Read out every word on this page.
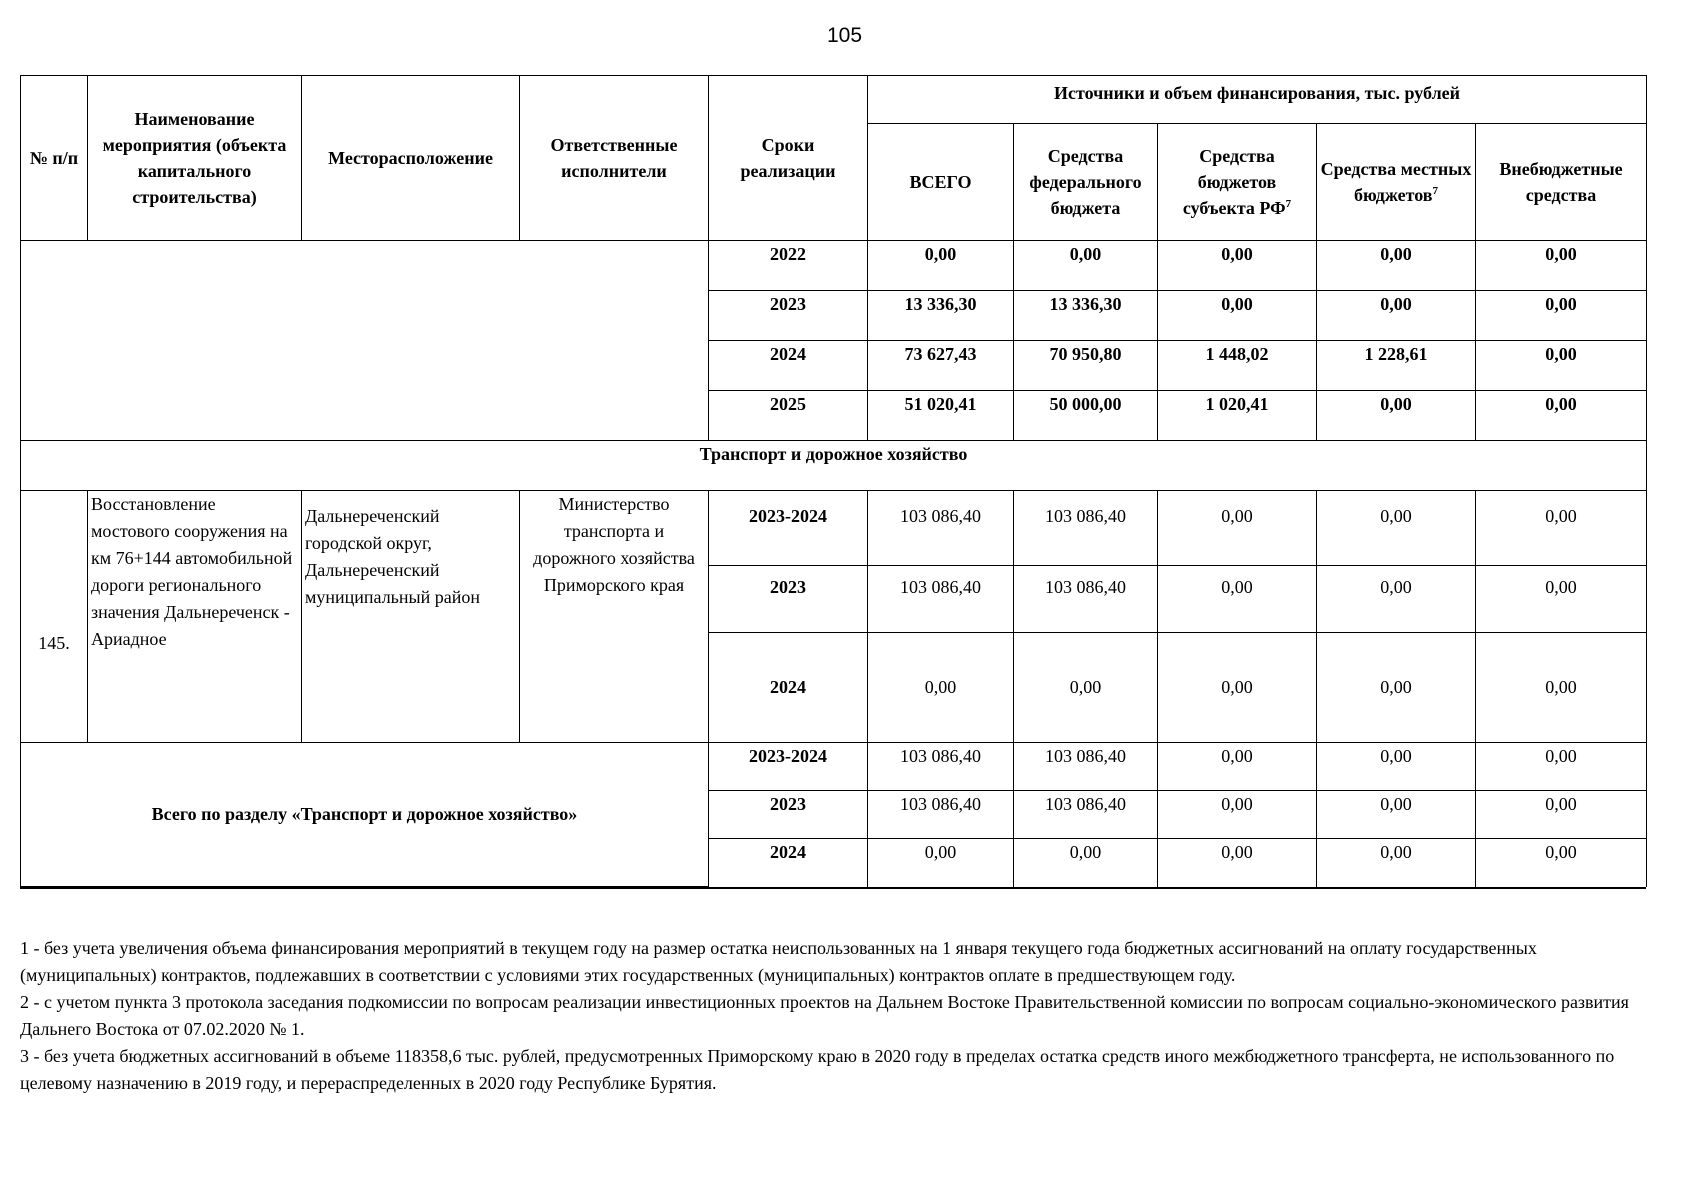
105
№ п/п	Наименование мероприятия (объекта капитального строительства)	Месторасположение	Ответственные исполнители	Сроки реализации	Источники и объем финансирования, тыс. рублей				
					ВСЕГО	Средства федерального бюджета	Средства бюджетов субъекта $РФ^7$	Средства местных бюджетов$^7$	Внебюджетные средства
				2022	0,00	0,00	0,00	0,00	0,00
				2023	13 336,30	13 336,30	0,00	0,00	0,00
				2024	73 627,43	70 950,80	1 448,02	1 228,61	0,00
				2025	51 020,41	50 000,00	1 020,41	0,00	0,00
Транспорт и дорожное хозяйство									
145.	Восстановление мостового сооружения на км 76+144 автомобильной дороги регионального значения Дальнереченск - Ариадное	Дальнереченский городской округ, Дальнереченский муниципальный район	Министерство транспорта и дорожного хозяйства Приморского края	2023-2024	103 086,40	103 086,40	0,00	0,00	0,00
				2023	103 086,40	103 086,40	0,00	0,00	0,00
				2024	0,00	0,00	0,00	0,00	0,00
Всего по разделу «Транспорт и дорожное хозяйство»				2023-2024	103 086,40	103 086,40	0,00	0,00	0,00
				2023	103 086,40	103 086,40	0,00	0,00	0,00
				2024	0,00	0,00	0,00	0,00	0,00

1 - без учета увеличения объема финансирования мероприятий в текущем году на размер остатка неиспользованных на 1 января текущего года бюджетных ассигнований на оплату государственных (муниципальных) контрактов, подлежавших в соответствии с условиями этих государственных (муниципальных) контрактов оплате в предшествующем году.

2 - с учетом пункта 3 протокола заседания подкомиссии по вопросам реализации инвестиционных проектов на Дальнем Востоке Правительственной комиссии по вопросам социально-экономического развития Дальнего Востока от 07.02.2020 № 1.

3 - без учета бюджетных ассигнований в объеме 118358,6 тыс. рублей, предусмотренных Приморскому краю в 2020 году в пределах остатка средств иного межбюджетного трансферта, не использованного по целевому назначению в 2019 году, и перераспределенных в 2020 году Республике Бурятия.
